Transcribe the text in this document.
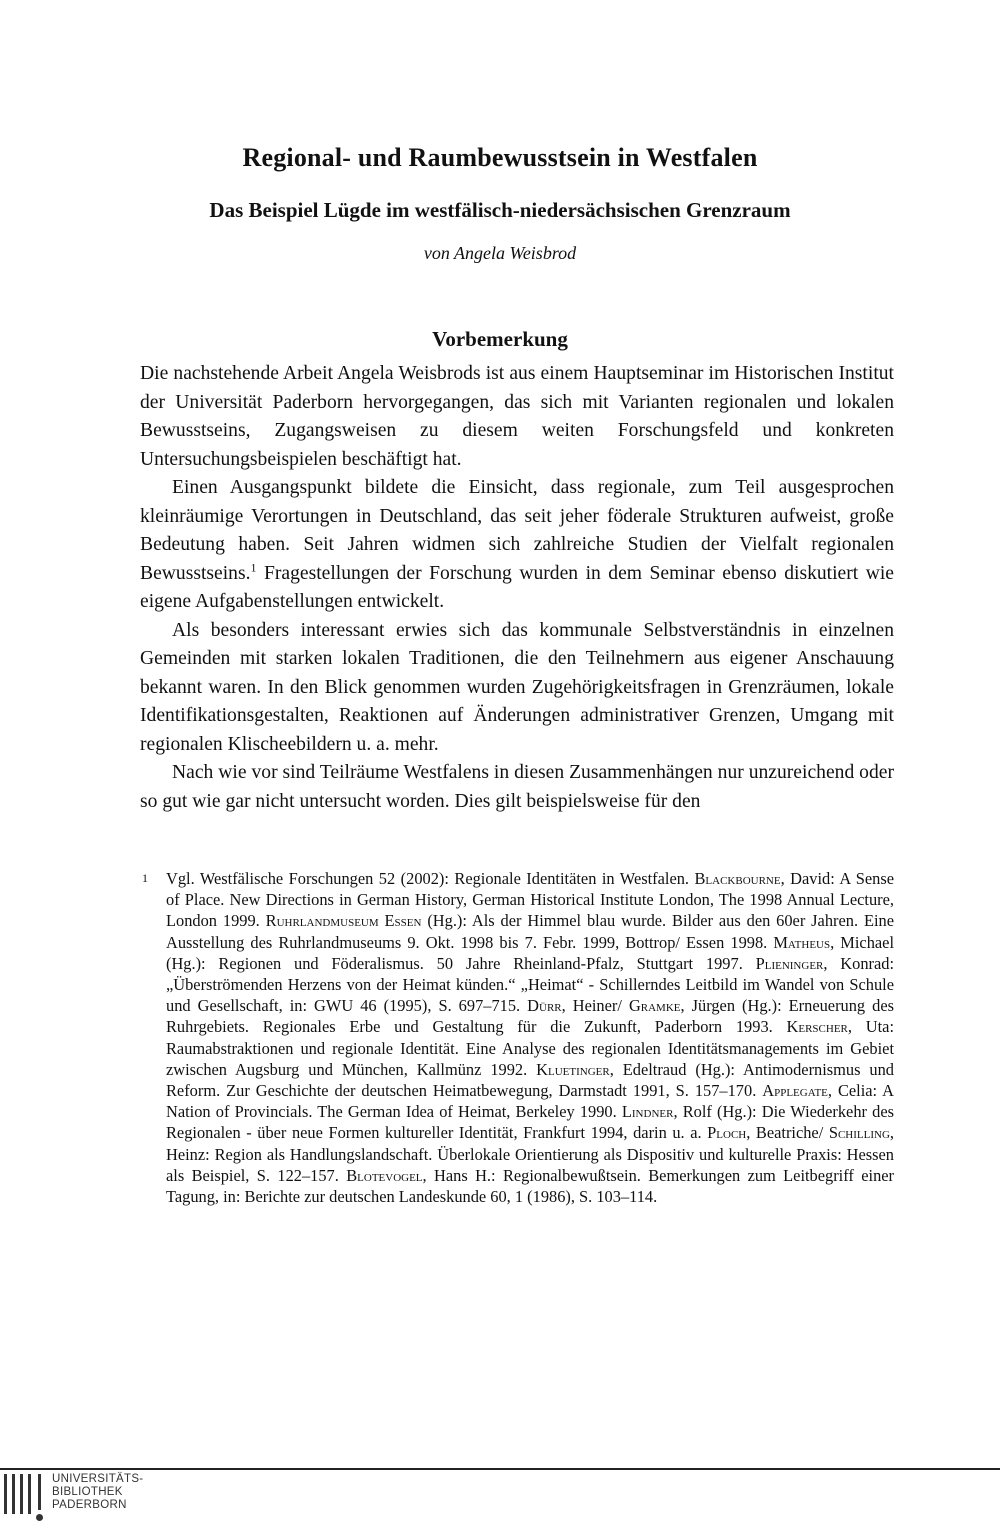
Regional- und Raumbewusstsein in Westfalen
Das Beispiel Lügde im westfälisch-niedersächsischen Grenzraum
von Angela Weisbrod
Vorbemerkung

Die nachstehende Arbeit Angela Weisbrods ist aus einem Hauptseminar im Historischen Institut der Universität Paderborn hervorgegangen, das sich mit Varianten regionalen und lokalen Bewusstseins, Zugangsweisen zu diesem weiten Forschungsfeld und konkreten Untersuchungsbeispielen beschäftigt hat.

Einen Ausgangspunkt bildete die Einsicht, dass regionale, zum Teil ausgesprochen kleinräumige Verortungen in Deutschland, das seit jeher föderale Strukturen aufweist, große Bedeutung haben. Seit Jahren widmen sich zahlreiche Studien der Vielfalt regionalen Bewusstseins.$^1$ Fragestellungen der Forschung wurden in dem Seminar ebenso diskutiert wie eigene Aufgabenstellungen entwickelt.

Als besonders interessant erwies sich das kommunale Selbstverständnis in einzelnen Gemeinden mit starken lokalen Traditionen, die den Teilnehmern aus eigener Anschauung bekannt waren. In den Blick genommen wurden Zugehörigkeitsfragen in Grenzräumen, lokale Identifikationsgestalten, Reaktionen auf Änderungen administrativer Grenzen, Umgang mit regionalen Klischeebildern u. a. mehr.

Nach wie vor sind Teilräume Westfalens in diesen Zusammenhängen nur unzureichend oder so gut wie gar nicht untersucht worden. Dies gilt beispielsweise für den

1 Vgl. Westfälische Forschungen 52 (2002): Regionale Identitäten in Westfalen. Blackbourne, David: A Sense of Place. New Directions in German History, German Historical Institute London, The 1998 Annual Lecture, London 1999. Ruhrlandmuseum Essen (Hg.): Als der Himmel blau wurde. Bilder aus den 60er Jahren. Eine Ausstellung des Ruhrlandmuseums 9. Okt. 1998 bis 7. Febr. 1999, Bottrop/ Essen 1998. Matheus, Michael (Hg.): Regionen und Föderalismus. 50 Jahre Rheinland-Pfalz, Stuttgart 1997. Plieninger, Konrad: „Überströmenden Herzens von der Heimat künden.“ „Heimat“ - Schillerndes Leitbild im Wandel von Schule und Gesellschaft, in: GWU 46 (1995), S. 697–715. Dürr, Heiner/ Gramke, Jürgen (Hg.): Erneuerung des Ruhrgebiets. Regionales Erbe und Gestaltung für die Zukunft, Paderborn 1993. Kerscher, Uta: Raumabstraktionen und regionale Identität. Eine Analyse des regionalen Identitätsmanagements im Gebiet zwischen Augsburg und München, Kallmünz 1992. Kluetinger, Edeltraud (Hg.): Antimodernismus und Reform. Zur Geschichte der deutschen Heimatbewegung, Darmstadt 1991, S. 157–170. Applegate, Celia: A Nation of Provincials. The German Idea of Heimat, Berkeley 1990. Lindner, Rolf (Hg.): Die Wiederkehr des Regionalen - über neue Formen kultureller Identität, Frankfurt 1994, darin u. a. Ploch, Beatriche/ Schilling, Heinz: Region als Handlungslandschaft. Überlokale Orientierung als Dispositiv und kulturelle Praxis: Hessen als Beispiel, S. 122–157. Blotevogel, Hans H.: Regionalbewußtsein. Bemerkungen zum Leitbegriff einer Tagung, in: Berichte zur deutschen Landeskunde 60, 1 (1986), S. 103–114.
UNIVERSITÄTS-
BIBLIOTHEK
PADERBORN
